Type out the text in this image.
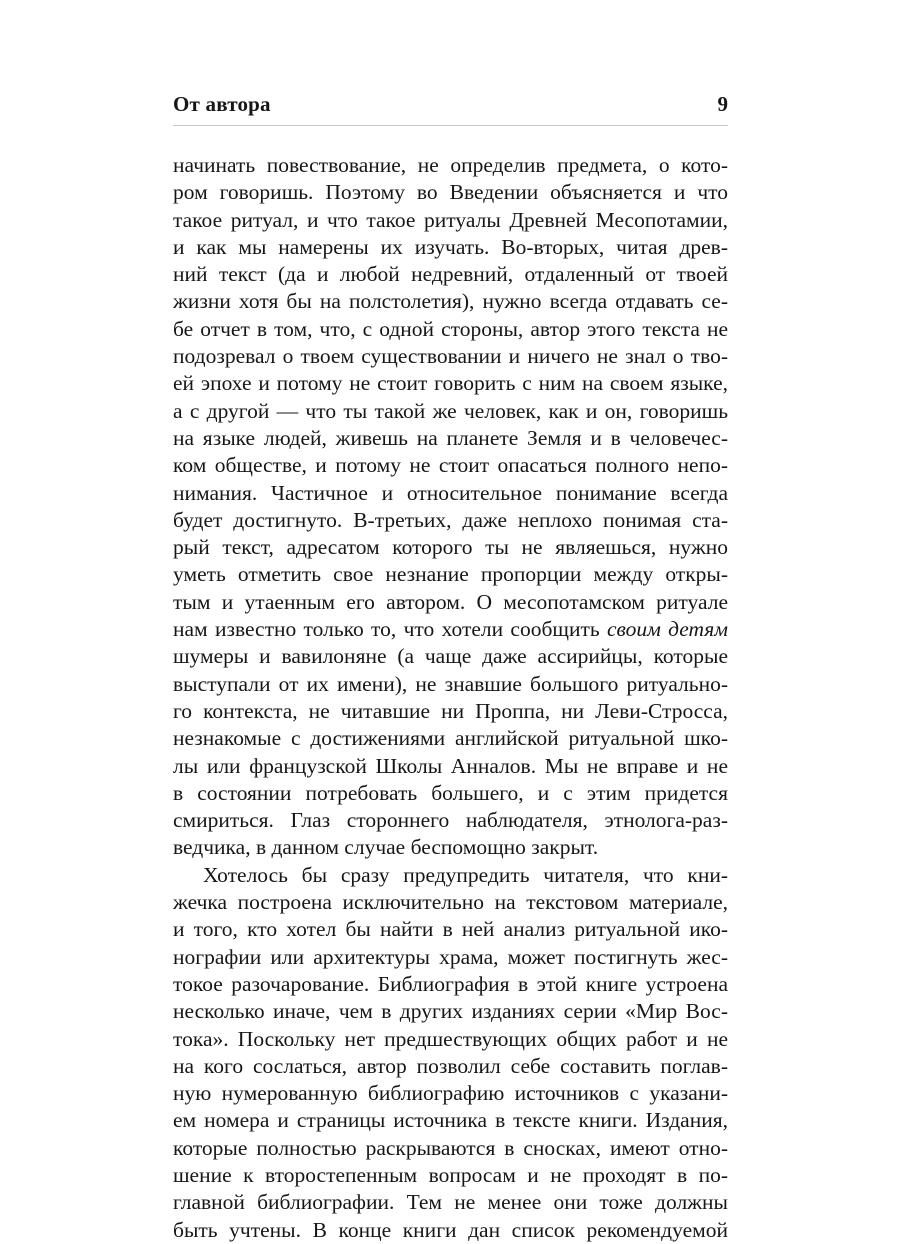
От автора	9
начинать повествование, не определив предмета, о кото-
ром говоришь. Поэтому во Введении объясняется и что
такое ритуал, и что такое ритуалы Древней Месопотамии,
и как мы намерены их изучать. Во-вторых, читая древ-
ний текст (да и любой недревний, отдаленный от твоей
жизни хотя бы на полстолетия), нужно всегда отдавать се-
бе отчет в том, что, с одной стороны, автор этого текста не
подозревал о твоем существовании и ничего не знал о тво-
ей эпохе и потому не стоит говорить с ним на своем языке,
а с другой — что ты такой же человек, как и он, говоришь
на языке людей, живешь на планете Земля и в человечес-
ком обществе, и потому не стоит опасаться полного непо-
нимания. Частичное и относительное понимание всегда
будет достигнуто. В-третьих, даже неплохо понимая ста-
рый текст, адресатом которого ты не являешься, нужно
уметь отметить свое незнание пропорции между откры-
тым и утаенным его автором. О месопотамском ритуале
нам известно только то, что хотели сообщить своим детям
шумеры и вавилоняне (а чаще даже ассирийцы, которые
выступали от их имени), не знавшие большого ритуально-
го контекста, не читавшие ни Проппа, ни Леви-Стросса,
незнакомые с достижениями английской ритуальной шко-
лы или французской Школы Анналов. Мы не вправе и не
в состоянии потребовать большего, и с этим придется
смириться. Глаз стороннего наблюдателя, этнолога-раз-
ведчика, в данном случае беспомощно закрыт.
Хотелось бы сразу предупредить читателя, что кни-
жечка построена исключительно на текстовом материале,
и того, кто хотел бы найти в ней анализ ритуальной ико-
нографии или архитектуры храма, может постигнуть жес-
токое разочарование. Библиография в этой книге устроена
несколько иначе, чем в других изданиях серии «Мир Вос-
тока». Поскольку нет предшествующих общих работ и не
на кого сослаться, автор позволил себе составить поглав-
ную нумерованную библиографию источников с указани-
ем номера и страницы источника в тексте книги. Издания,
которые полностью раскрываются в сносках, имеют отно-
шение к второстепенным вопросам и не проходят в по-
главной библиографии. Тем не менее они тоже должны
быть учтены. В конце книги дан список рекомендуемой
